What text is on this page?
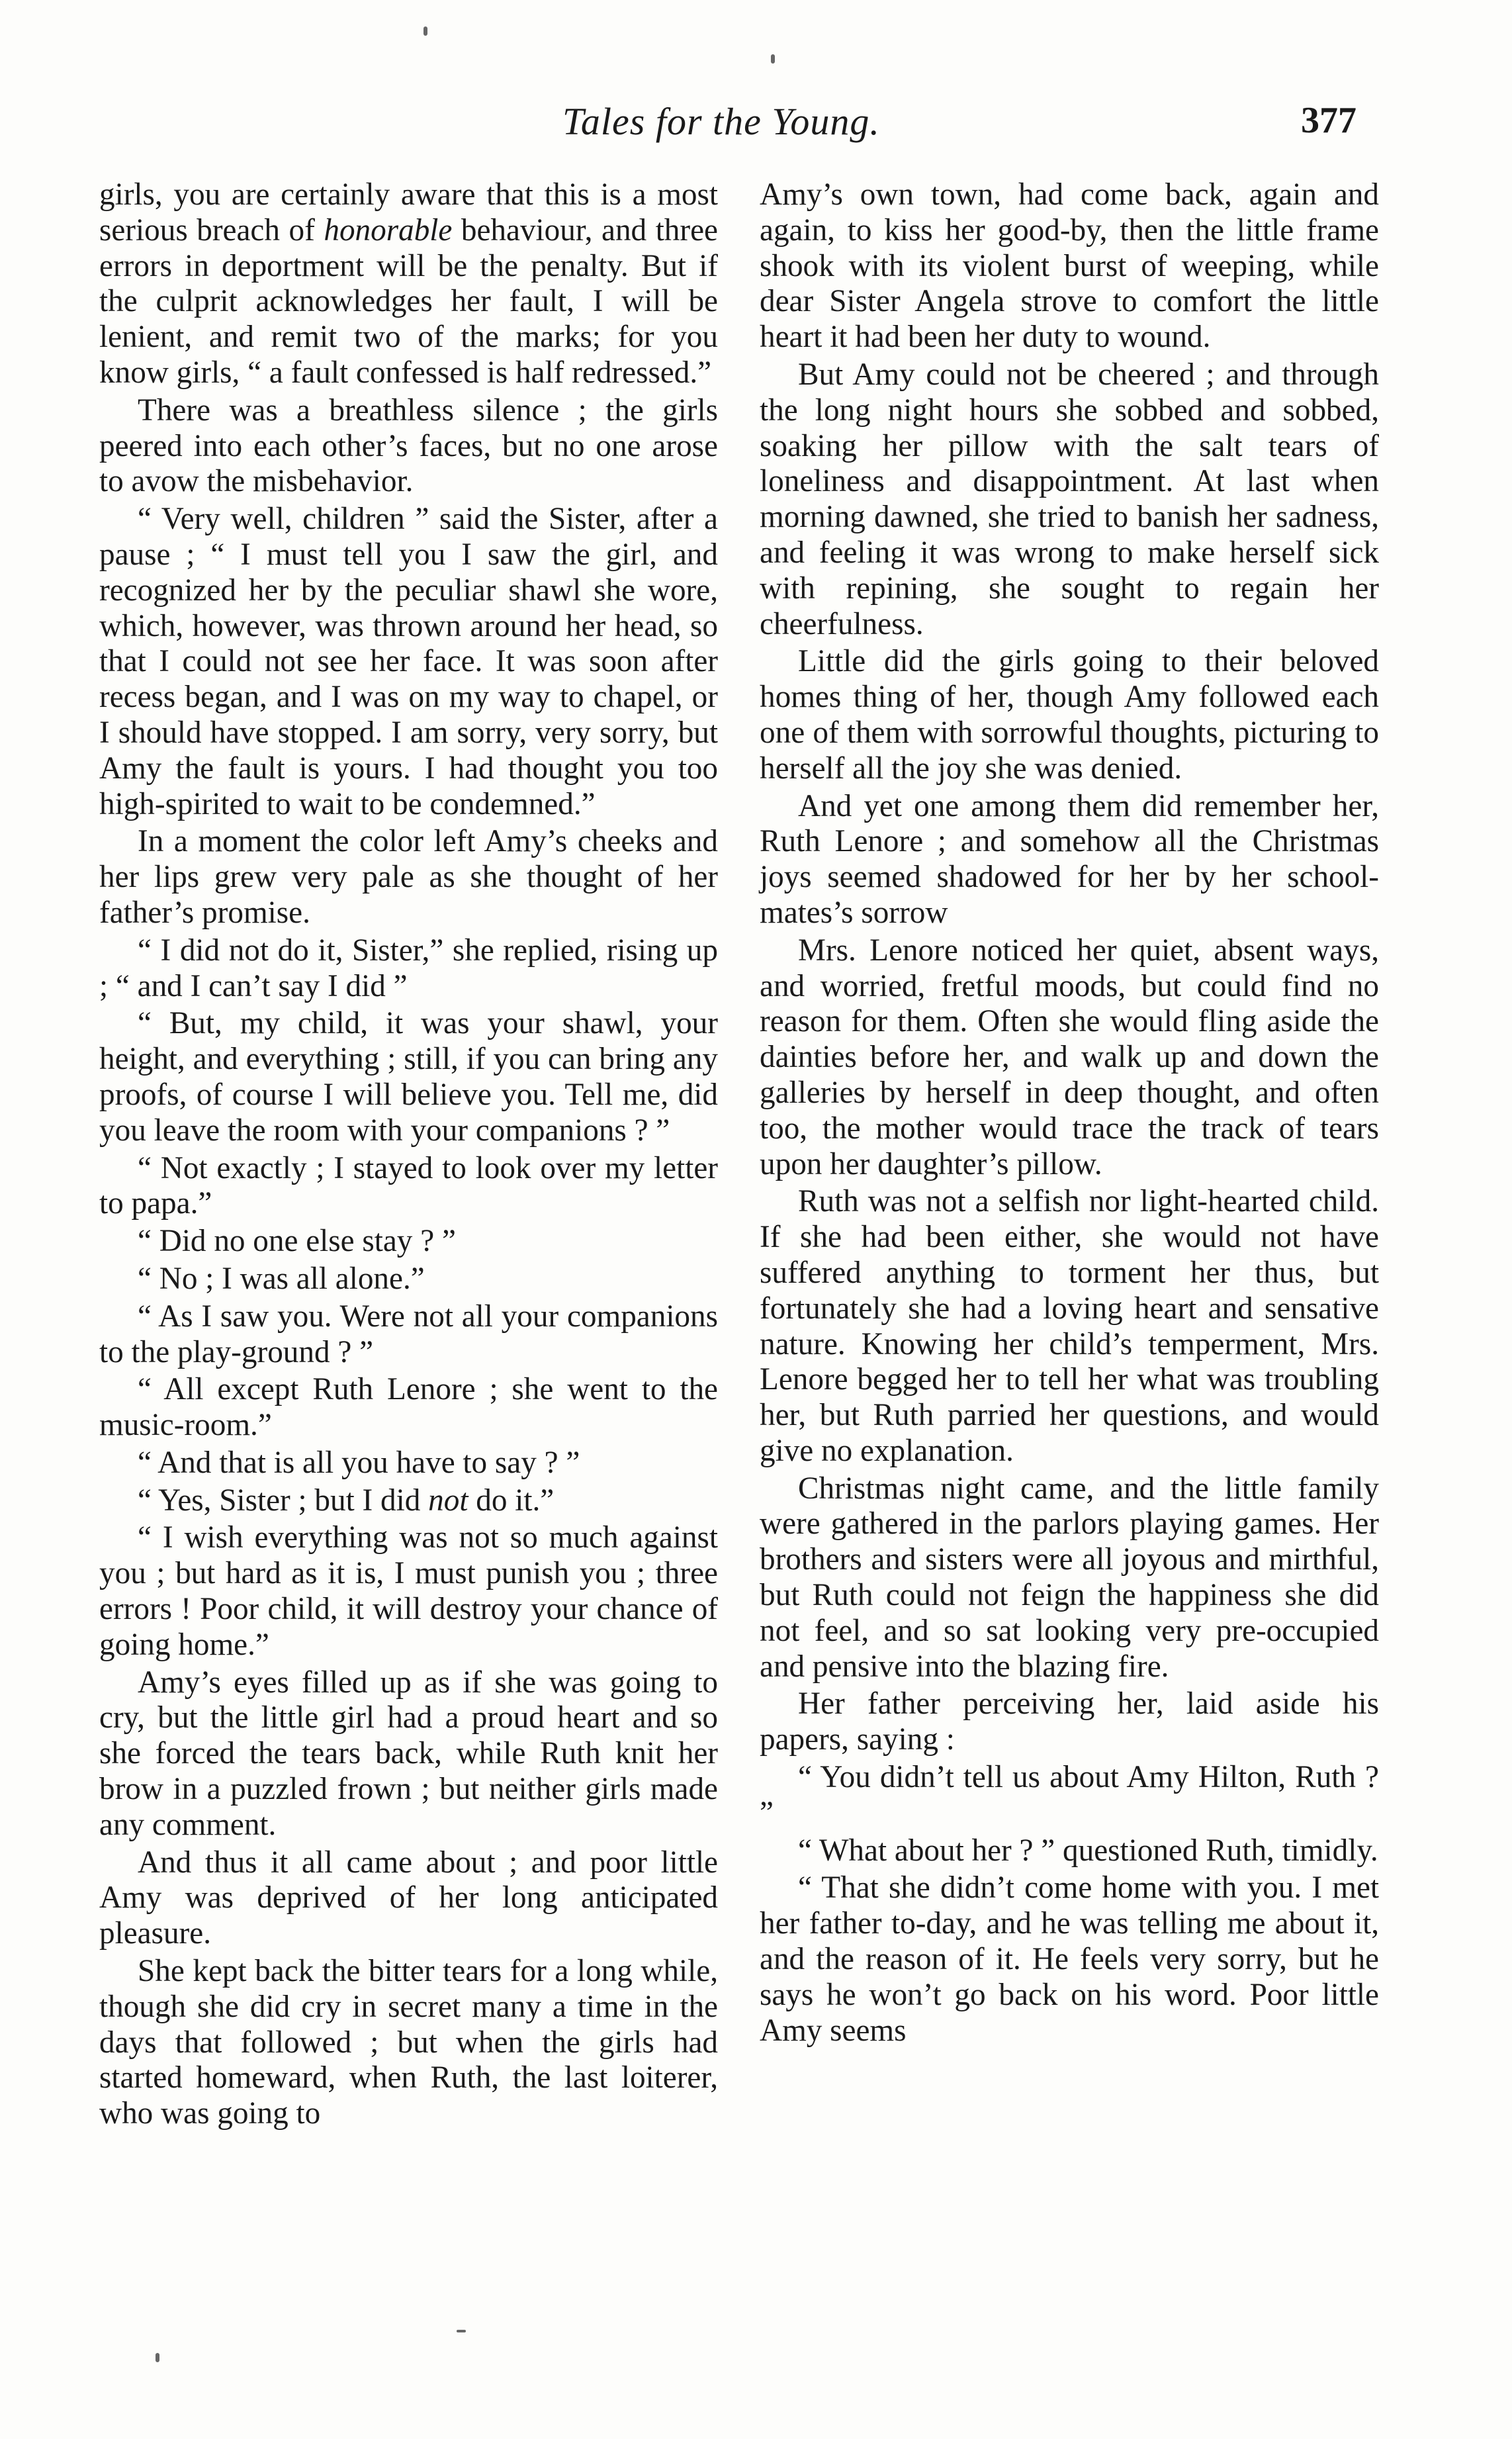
Tales for the Young.	377

girls, you are certainly aware that this is a most serious breach of honorable behaviour, and three errors in deportment will be the penalty. But if the culprit acknowledges her fault, I will be lenient, and remit two of the marks; for you know girls, “ a fault confessed is half redressed.”

There was a breathless silence ; the girls peered into each other’s faces, but no one arose to avow the misbehavior.

“ Very well, children ” said the Sister, after a pause ; “ I must tell you I saw the girl, and recognized her by the peculiar shawl she wore, which, however, was thrown around her head, so that I could not see her face. It was soon after recess began, and I was on my way to chapel, or I should have stopped. I am sorry, very sorry, but Amy the fault is yours. I had thought you too high-spirited to wait to be condemned.”

In a moment the color left Amy’s cheeks and her lips grew very pale as she thought of her father’s promise.

“ I did not do it, Sister,” she replied, rising up ; “ and I can’t say I did ”

“ But, my child, it was your shawl, your height, and everything ; still, if you can bring any proofs, of course I will believe you. Tell me, did you leave the room with your companions ? ”

“ Not exactly ; I stayed to look over my letter to papa.”

“ Did no one else stay ? ”

“ No ; I was all alone.”

“ As I saw you. Were not all your companions to the play-ground ? ”

“ All except Ruth Lenore ; she went to the music-room.”

“ And that is all you have to say ? ”

“ Yes, Sister ; but I did not do it.”

“ I wish everything was not so much against you ; but hard as it is, I must punish you ; three errors ! Poor child, it will destroy your chance of going home.”

Amy’s eyes filled up as if she was going to cry, but the little girl had a proud heart and so she forced the tears back, while Ruth knit her brow in a puzzled frown ; but neither girls made any comment.

And thus it all came about ; and poor little Amy was deprived of her long anticipated pleasure.

She kept back the bitter tears for a long while, though she did cry in secret many a time in the days that followed ; but when the girls had started homeward, when Ruth, the last loiterer, who was going to

Amy’s own town, had come back, again and again, to kiss her good-by, then the little frame shook with its violent burst of weeping, while dear Sister Angela strove to comfort the little heart it had been her duty to wound.

But Amy could not be cheered ; and through the long night hours she sobbed and sobbed, soaking her pillow with the salt tears of loneliness and disappointment. At last when morning dawned, she tried to banish her sadness, and feeling it was wrong to make herself sick with repining, she sought to regain her cheerfulness.

Little did the girls going to their beloved homes thing of her, though Amy followed each one of them with sorrowful thoughts, picturing to herself all the joy she was denied.

And yet one among them did remember her, Ruth Lenore ; and somehow all the Christmas joys seemed shadowed for her by her school-mates’s sorrow

Mrs. Lenore noticed her quiet, absent ways, and worried, fretful moods, but could find no reason for them. Often she would fling aside the dainties before her, and walk up and down the galleries by herself in deep thought, and often too, the mother would trace the track of tears upon her daughter’s pillow.

Ruth was not a selfish nor light-hearted child. If she had been either, she would not have suffered anything to torment her thus, but fortunately she had a loving heart and sensative nature. Knowing her child’s temperment, Mrs. Lenore begged her to tell her what was troubling her, but Ruth parried her questions, and would give no explanation.

Christmas night came, and the little family were gathered in the parlors playing games. Her brothers and sisters were all joyous and mirthful, but Ruth could not feign the happiness she did not feel, and so sat looking very pre-occupied and pensive into the blazing fire.

Her father perceiving her, laid aside his papers, saying :

“ You didn’t tell us about Amy Hilton, Ruth ? ”

“ What about her ? ” questioned Ruth, timidly.

“ That she didn’t come home with you. I met her father to-day, and he was telling me about it, and the reason of it. He feels very sorry, but he says he won’t go back on his word. Poor little Amy seems
